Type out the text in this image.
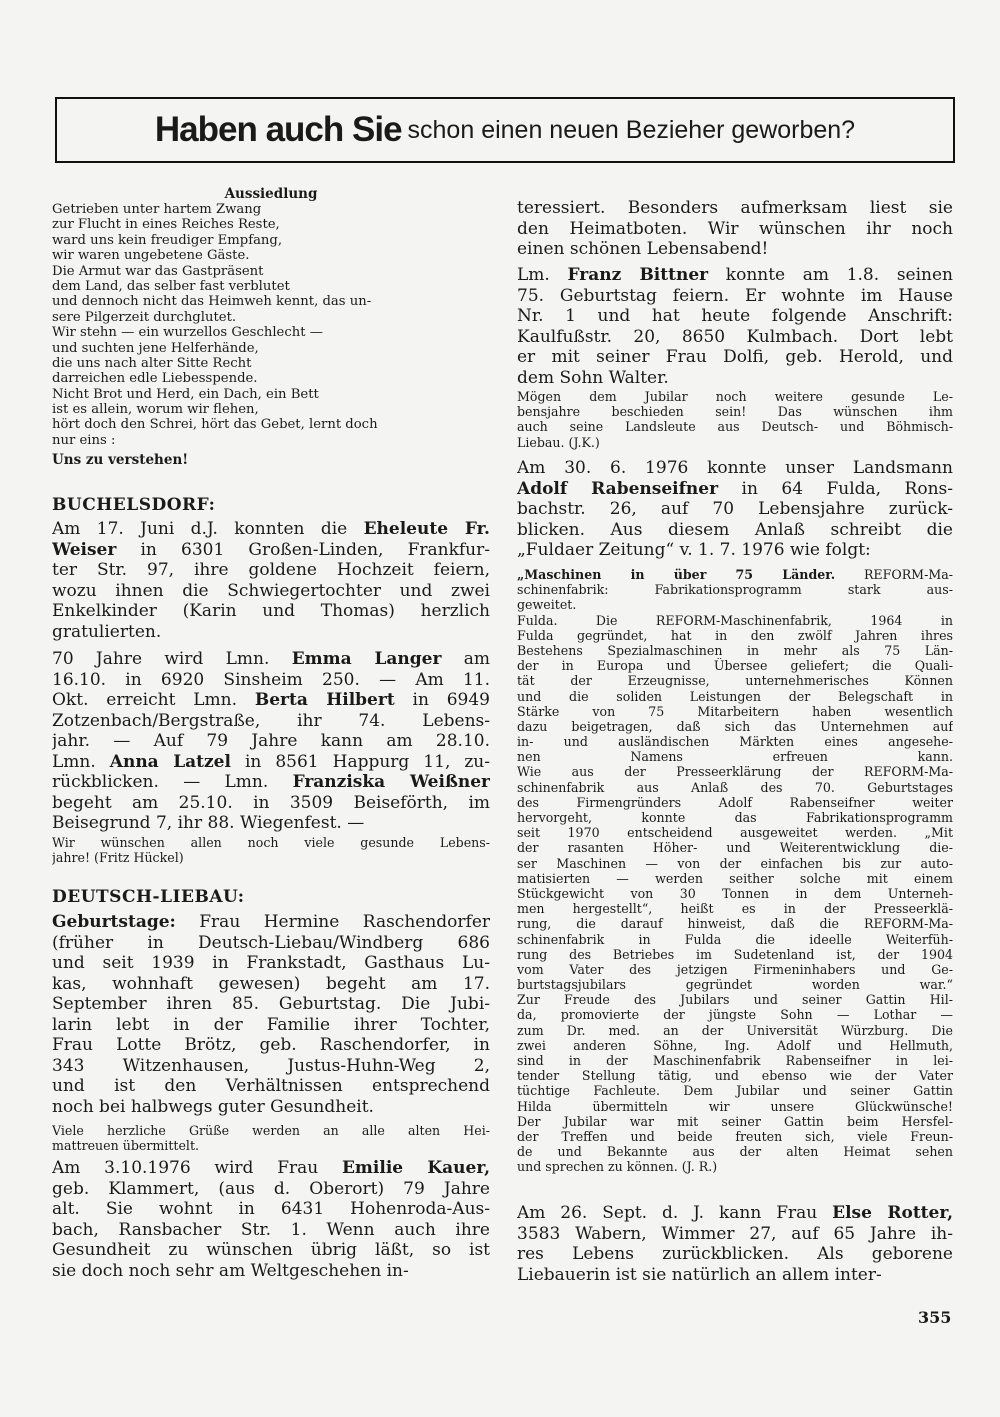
Haben auch Sie schon einen neuen Bezieher geworben?
Aussiedlung
Getrieben unter hartem Zwang
zur Flucht in eines Reiches Reste,
ward uns kein freudiger Empfang,
wir waren ungebetene Gäste.
Die Armut war das Gastpräsent
dem Land, das selber fast verblutet
und dennoch nicht das Heimweh kennt, das un-
sere Pilgerzeit durchglutet.
Wir stehn — ein wurzellos Geschlecht —
und suchten jene Helferhände,
die uns nach alter Sitte Recht
darreichen edle Liebesspende.
Nicht Brot und Herd, ein Dach, ein Bett
ist es allein, worum wir flehen,
hört doch den Schrei, hört das Gebet, lernt doch
nur eins :
Uns zu verstehen!
BUCHELSDORF:
Am 17. Juni d.J. konnten die Eheleute Fr.
Weiser in 6301 Großen-Linden, Frankfur-
ter Str. 97, ihre goldene Hochzeit feiern,
wozu ihnen die Schwiegertochter und zwei
Enkelkinder (Karin und Thomas) herzlich
gratulierten.
70 Jahre wird Lmn. Emma Langer am
16.10. in 6920 Sinsheim 250. — Am 11.
Okt. erreicht Lmn. Berta Hilbert in 6949
Zotzenbach/Bergstraße, ihr 74. Lebens-
jahr. — Auf 79 Jahre kann am 28.10.
Lmn. Anna Latzel in 8561 Happurg 11, zu-
rückblicken. — Lmn. Franziska Weißner
begeht am 25.10. in 3509 Beiseförth, im
Beisegrund 7, ihr 88. Wiegenfest. —
Wir wünschen allen noch viele gesunde Lebens-
jahre! (Fritz Hückel)
DEUTSCH-LIEBAU:
Geburtstage: Frau Hermine Raschendorfer
(früher in Deutsch-Liebau/Windberg 686
und seit 1939 in Frankstadt, Gasthaus Lu-
kas, wohnhaft gewesen) begeht am 17.
September ihren 85. Geburtstag. Die Jubi-
larin lebt in der Familie ihrer Tochter,
Frau Lotte Brötz, geb. Raschendorfer, in
343 Witzenhausen, Justus-Huhn-Weg 2,
und ist den Verhältnissen entsprechend
noch bei halbwegs guter Gesundheit.
Viele herzliche Grüße werden an alle alten Hei-
mattreuen übermittelt.
Am 3.10.1976 wird Frau Emilie Kauer,
geb. Klammert, (aus d. Oberort) 79 Jahre
alt. Sie wohnt in 6431 Hohenroda-Aus-
bach, Ransbacher Str. 1. Wenn auch ihre
Gesundheit zu wünschen übrig läßt, so ist
sie doch noch sehr am Weltgeschehen in-
teressiert. Besonders aufmerksam liest sie
den Heimatboten. Wir wünschen ihr noch
einen schönen Lebensabend!
Lm. Franz Bittner konnte am 1.8. seinen
75. Geburtstag feiern. Er wohnte im Hause
Nr. 1 und hat heute folgende Anschrift:
Kaulfußstr. 20, 8650 Kulmbach. Dort lebt
er mit seiner Frau Dolfi, geb. Herold, und
dem Sohn Walter.
Mögen dem Jubilar noch weitere gesunde Le-
bensjahre beschieden sein! Das wünschen ihm
auch seine Landsleute aus Deutsch- und Böhmisch-
Liebau. (J.K.)
Am 30. 6. 1976 konnte unser Landsmann
Adolf Rabenseifner in 64 Fulda, Rons-
bachstr. 26, auf 70 Lebensjahre zurück-
blicken. Aus diesem Anlaß schreibt die
„Fuldaer Zeitung“ v. 1. 7. 1976 wie folgt:
„Maschinen in über 75 Länder. REFORM-Ma-
schinenfabrik: Fabrikationsprogramm stark aus-
geweitet.
Fulda. Die REFORM-Maschinenfabrik, 1964 in
Fulda gegründet, hat in den zwölf Jahren ihres
Bestehens Spezialmaschinen in mehr als 75 Län-
der in Europa und Übersee geliefert; die Quali-
tät der Erzeugnisse, unternehmerisches Können
und die soliden Leistungen der Belegschaft in
Stärke von 75 Mitarbeitern haben wesentlich
dazu beigetragen, daß sich das Unternehmen auf
in- und ausländischen Märkten eines angesehe-
nen Namens erfreuen kann.
Wie aus der Presseerklärung der REFORM-Ma-
schinenfabrik aus Anlaß des 70. Geburtstages
des Firmengründers Adolf Rabenseifner weiter
hervorgeht, konnte das Fabrikationsprogramm
seit 1970 entscheidend ausgeweitet werden. „Mit
der rasanten Höher- und Weiterentwicklung die-
ser Maschinen — von der einfachen bis zur auto-
matisierten — werden seither solche mit einem
Stückgewicht von 30 Tonnen in dem Unterneh-
men hergestellt“, heißt es in der Presseerklä-
rung, die darauf hinweist, daß die REFORM-Ma-
schinenfabrik in Fulda die ideelle Weiterfüh-
rung des Betriebes im Sudetenland ist, der 1904
vom Vater des jetzigen Firmeninhabers und Ge-
burtstagsjubilars gegründet worden war.“
Zur Freude des Jubilars und seiner Gattin Hil-
da, promovierte der jüngste Sohn — Lothar —
zum Dr. med. an der Universität Würzburg. Die
zwei anderen Söhne, Ing. Adolf und Hellmuth,
sind in der Maschinenfabrik Rabenseifner in lei-
tender Stellung tätig, und ebenso wie der Vater
tüchtige Fachleute. Dem Jubilar und seiner Gattin
Hilda übermitteln wir unsere Glückwünsche!
Der Jubilar war mit seiner Gattin beim Hersfel-
der Treffen und beide freuten sich, viele Freun-
de und Bekannte aus der alten Heimat sehen
und sprechen zu können. (J. R.)
Am 26. Sept. d. J. kann Frau Else Rotter,
3583 Wabern, Wimmer 27, auf 65 Jahre ih-
res Lebens zurückblicken. Als geborene
Liebauerin ist sie natürlich an allem inter-
355
